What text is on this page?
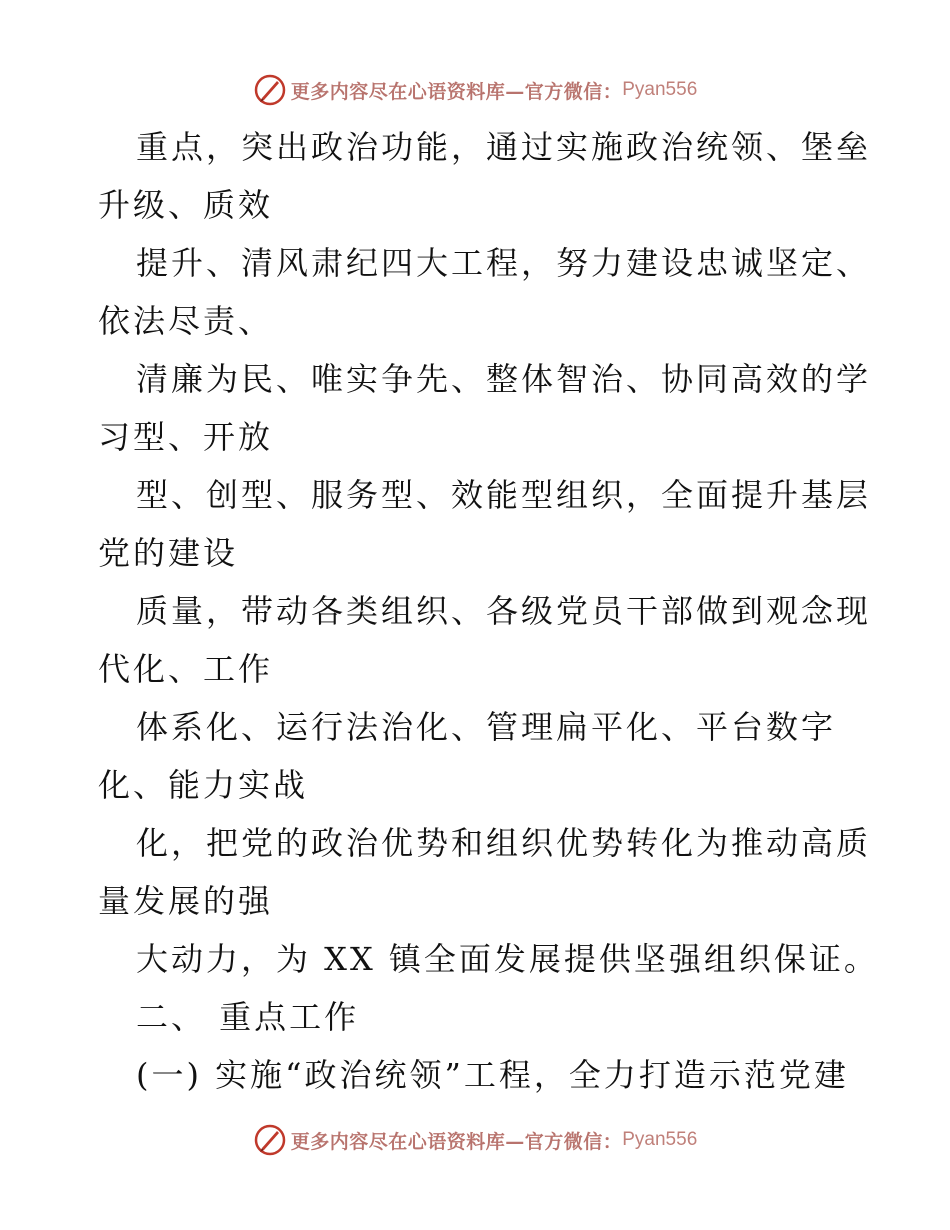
更多内容尽在心语资料库—官方微信： Pyan556
重点，突出政治功能，通过实施政治统领、堡垒
升级、质效
提升、清风肃纪四大工程，努力建设忠诚坚定、
依法尽责、
清廉为民、唯实争先、整体智治、协同高效的学
习型、开放
型、创型、服务型、效能型组织，全面提升基层
党的建设
质量，带动各类组织、各级党员干部做到观念现
代化、工作
体系化、运行法治化、管理扁平化、平台数字
化、能力实战
化，把党的政治优势和组织优势转化为推动高质
量发展的强
大动力，为 XX 镇全面发展提供坚强组织保证。
二、 重点工作
(一) 实施“政治统领”工程，全力打造示范党建
更多内容尽在心语资料库—官方微信： Pyan556
